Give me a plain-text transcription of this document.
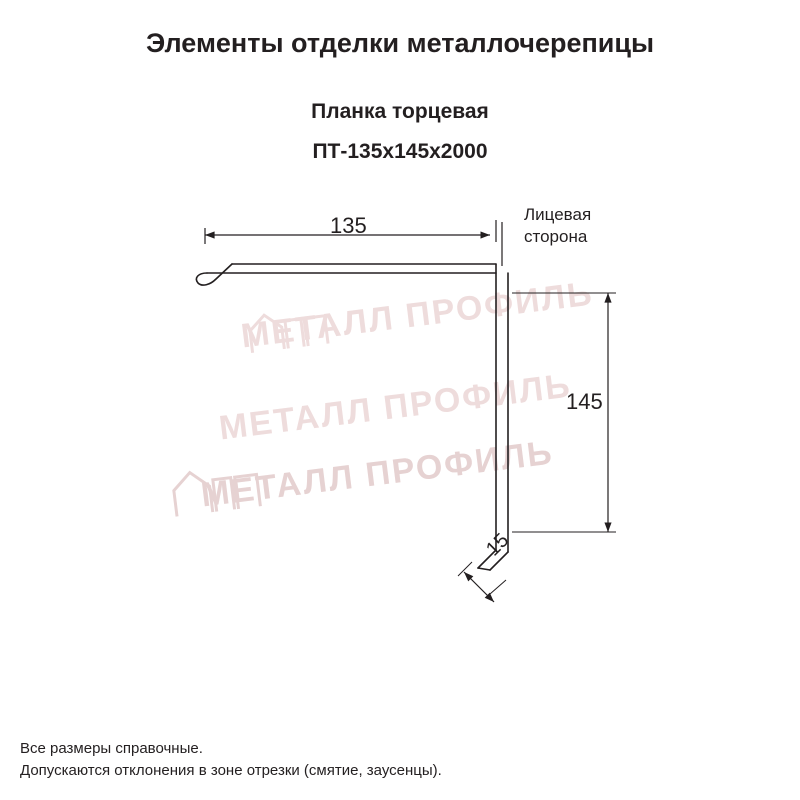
МЕТАЛЛ ПРОФИЛЬ
МЕТАЛЛ ПРОФИЛЬ
МЕТАЛЛ ПРОФИЛЬ
Элементы отделки металлочерепицы
Планка торцевая
ПТ-135x145x2000
135
145
15
Лицевая
сторона
Все размеры справочные.
Допускаются отклонения в зоне отрезки (смятие, заусенцы).
